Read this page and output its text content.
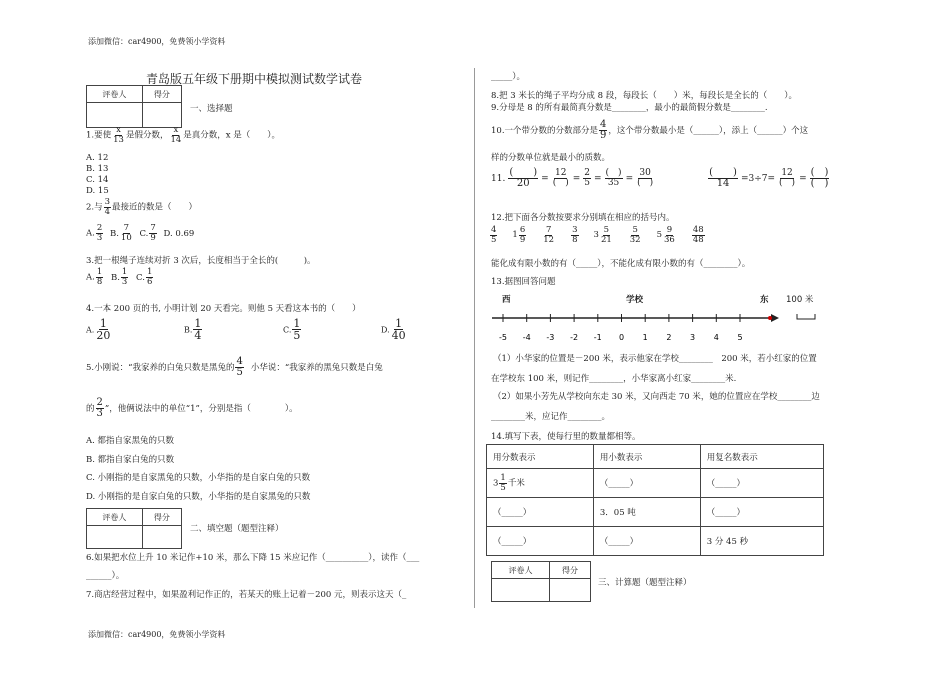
添加微信：car4900，免费领小学资料
添加微信：car4900，免费领小学资料
青岛版五年级下册期中模拟测试数学试卷
评卷人	得分

一、选择题
1.要使 $\frac{x}{13}$ 是假分数， $\frac{x}{14}$ 是真分数，x 是（　　）。
A. 12
B. 13
C. 14
D. 15
2.与 $\frac{3}{4}$ 最接近的数是（　　）
A. $\frac{2}{3} B$. $\frac{7}{10} C$. $\frac{7}{9} D$. 0.69
3.把一根绳子连续对折 3 次后，长度相当于全长的(　　　)。
A. $\frac{1}{8} B$. $\frac{1}{3} C$. $\frac{1}{6}$
4.一本 200 页的书, 小明计划 20 天看完。则他 5 天看这本书的（　　）
A. $\frac{1}{20}$	B. $\frac{1}{4}$	C. $\frac{1}{5}$	D. $\frac{1}{40}$
5.小刚说：“我家养的白兔只数是黑兔的 $\frac{4}{5}$ 小华说：“我家养的黑兔只数是白兔
的 $\frac{2}{3}$ ”，他俩说法中的单位“1”，分别是指（　　　　）。
A. 都指自家黑兔的只数
B. 都指自家白兔的只数
C. 小刚指的是自家黑兔的只数，小华指的是自家白兔的只数
D. 小刚指的是自家白兔的只数，小华指的是自家黑兔的只数
评卷人	得分

二、填空题（题型注释）
6.如果把水位上升 10 米记作+10 米，那么下降 15 米应记作（__________），读作（___
______）。
7.商店经营过程中，如果盈利记作正的，若某天的账上记着－200 元，则表示这天（_
_____）。
8.把 3 米长的绳子平均分成 8 段，每段长（　　）米，每段长是全长的（　　）。
9.分母是 8 的所有最简真分数是________，最小的最简假分数是________.
10.一个带分数的分数部分是 $\frac{4}{9}$ ，这个带分数最小是（______），添上（______）个这
样的分数单位就是最小的质数。
11. $\frac{( )}{20} = \frac{12}{( )} = \frac{2}{5} = \frac{( )}{35} = \frac{30}{( )}$	$\frac{( )}{14} =3\div 7= \frac{12}{( )} = \frac{( )}{( )}$
12.把下面各分数按要求分别填在相应的括号内。
$\frac{4}{5} 1 \frac{6}{9} \frac{7}{12} \frac{3}{8} 3 \frac{5}{21} \frac{5}{32} 5 \frac{9}{36} \frac{48}{48}$
能化成有限小数的有（_____），不能化成有限小数的有（________）。
13.据图回答问题
西	学校	东 100 米
-5 -4 -3 -2 -1 0 1 2 3 4 5
（1）小华家的位置是－200 米，表示他家在学校________　200 米，若小红家的位置
在学校东 100 米，则记作________，小华家离小红家________米.
（2）如果小芳先从学校向东走 30 米，又向西走 70 米，她的位置应在学校________边
________米，应记作________。
14.填写下表，使每行里的数量都相等。
用分数表示	用小数表示	用复名数表示
$3 \frac{1}{5}$ 千米	（_____）	（_____）
（_____）	3．05 吨	（_____）
（_____）	（_____）	3 分 45 秒
评卷人	得分

三、计算题（题型注释）
